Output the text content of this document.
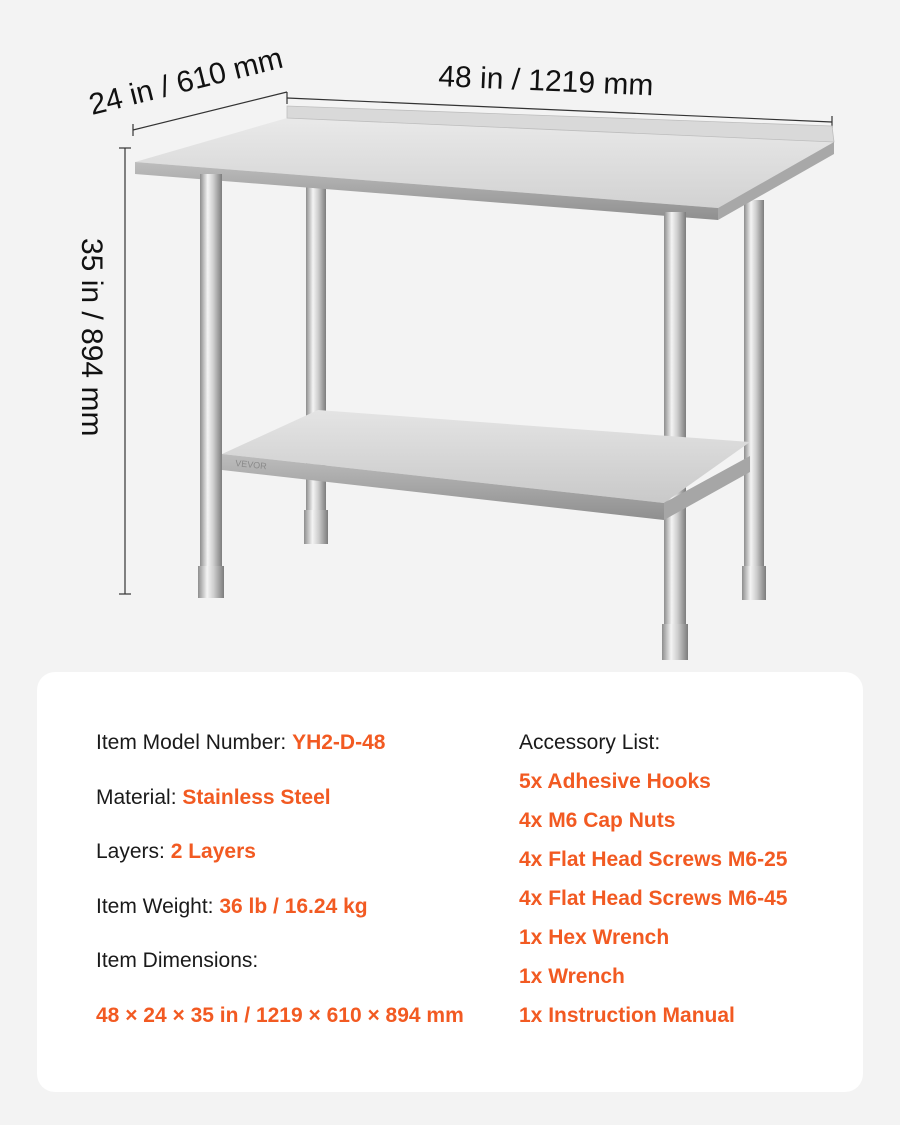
24 in / 610 mm	48 in / 1219 mm
35 in / 894 mm
VEVOR
Item Model Number: YH2-D-48
Material: Stainless Steel
Layers: 2 Layers
Item Weight: 36 lb / 16.24 kg
Item Dimensions:
48 × 24 × 35 in / 1219 × 610 × 894 mm
Accessory List:
5x Adhesive Hooks
4x M6 Cap Nuts
4x Flat Head Screws M6-25
4x Flat Head Screws M6-45
1x Hex Wrench
1x Wrench
1x Instruction Manual
